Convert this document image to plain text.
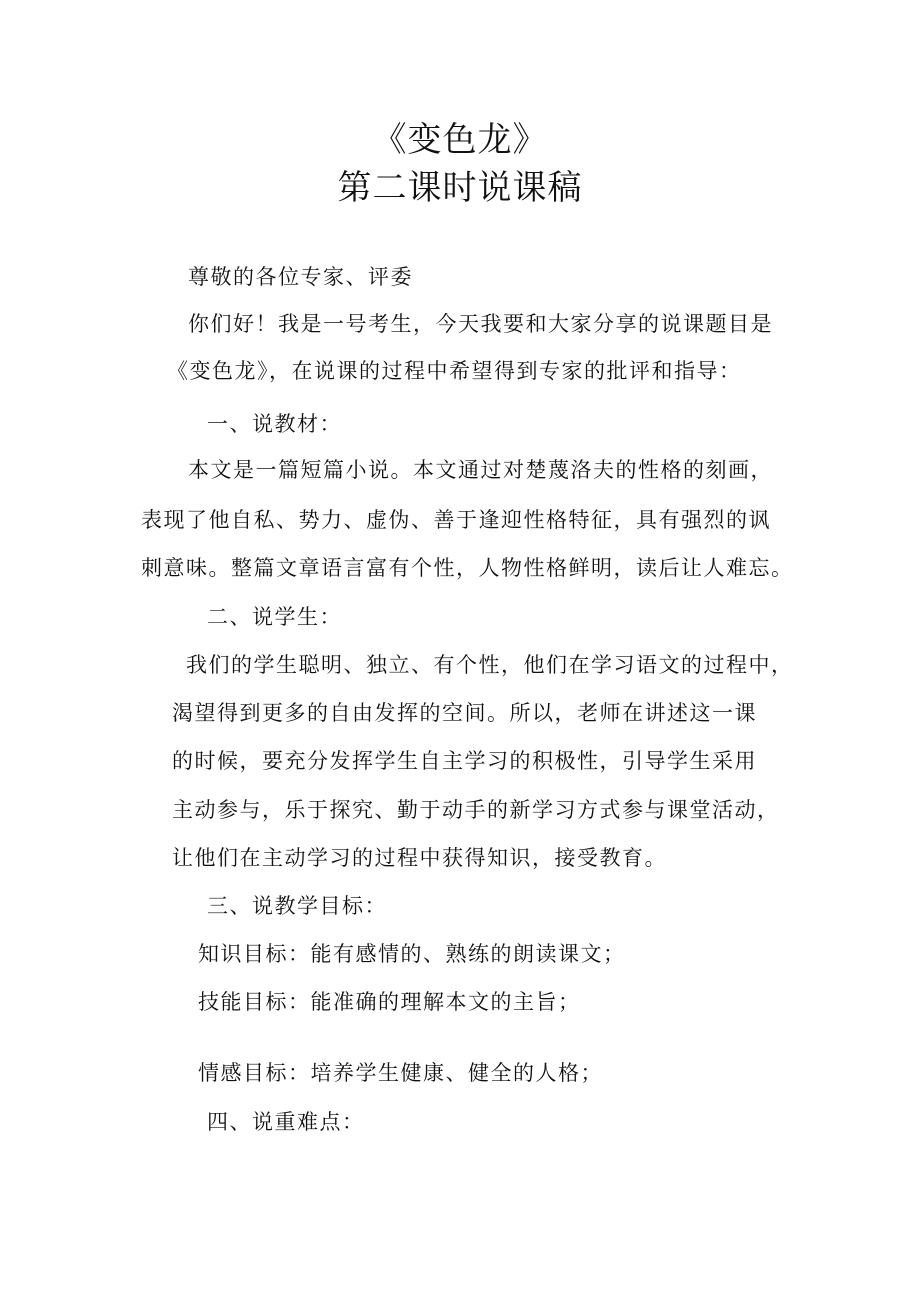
《变色龙》
第二课时说课稿
尊敬的各位专家、评委
你们好！我是一号考生，今天我要和大家分享的说课题目是
《变色龙》，在说课的过程中希望得到专家的批评和指导：
一、说教材：
本文是一篇短篇小说。本文通过对楚蔑洛夫的性格的刻画，
表现了他自私、势力、虚伪、善于逢迎性格特征，具有强烈的讽
刺意味。整篇文章语言富有个性，人物性格鲜明，读后让人难忘。
二、说学生：
我们的学生聪明、独立、有个性，他们在学习语文的过程中，
渴望得到更多的自由发挥的空间。所以，老师在讲述这一课
的时候，要充分发挥学生自主学习的积极性，引导学生采用
主动参与，乐于探究、勤于动手的新学习方式参与课堂活动，
让他们在主动学习的过程中获得知识，接受教育。
三、说教学目标：
知识目标：能有感情的、熟练的朗读课文；
技能目标：能准确的理解本文的主旨；
情感目标：培养学生健康、健全的人格；
四、说重难点：
